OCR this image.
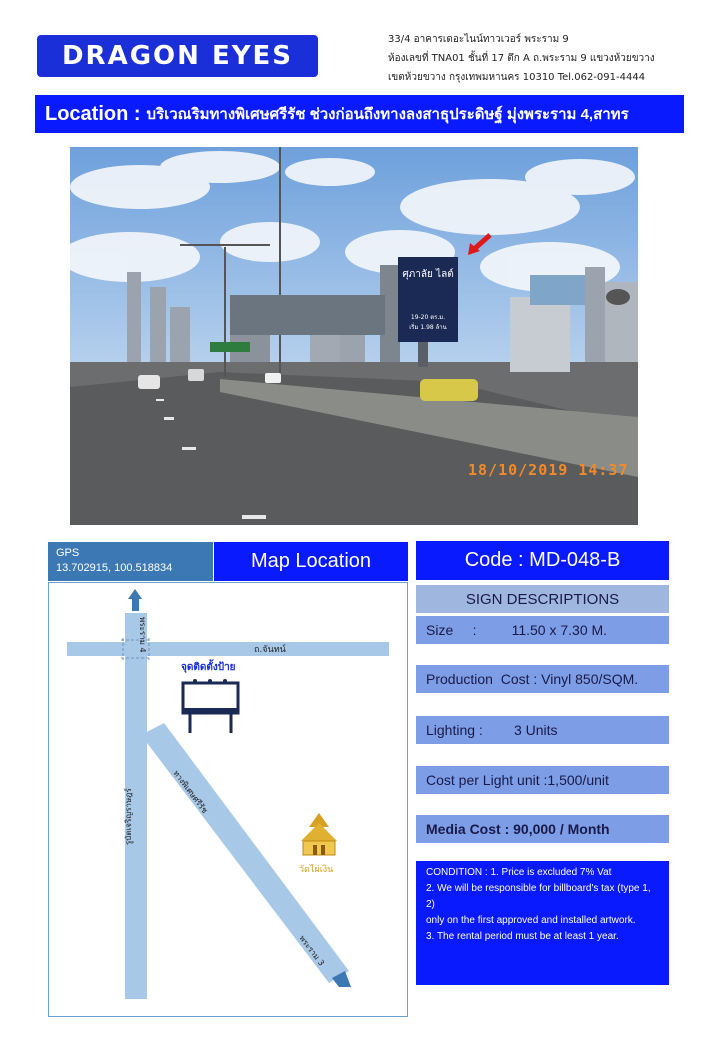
DRAGON EYES
33/4 อาคารเดอะไนน์ทาวเวอร์ พระราม 9
ห้องเลขที่ TNA01 ชั้นที่ 17 ตึก A ถ.พระราม 9 แขวงห้วยขวาง
เขตห้วยขวาง กรุงเทพมหานคร 10310 Tel.062-091-4444
Location : บริเวณริมทางพิเศษศรีรัช ช่วงก่อนถึงทางลงสาธุประดิษฐ์ มุ่งพระราม 4,สาทร
ศุภาลัย ไลต์
19-20 ตร.ม.
เริ่ม 1.98 ล้าน
18/10/2019 14:37
GPS
13.702915, 100.518834	Map Location
ถ.จันทน์
พระราม 4
รูบัตเจริญราษฎร์	ทางพิเศษศรีรัช
พระราม 3
จุดติดตั้งป้าย
วัดไผ่เงิน
Code : MD-048-B
SIGN DESCRIPTIONS
Size     :         11.50 x 7.30 M.
Production  Cost : Vinyl 850/SQM.
Lighting :        3 Units
Cost per Light unit :1,500/unit
Media Cost : 90,000 / Month
CONDITION : 1. Price is excluded 7% Vat
2. We will be responsible for billboard's tax (type 1, 2)
only on the first approved and installed artwork.
3. The rental period must be at least 1 year.
